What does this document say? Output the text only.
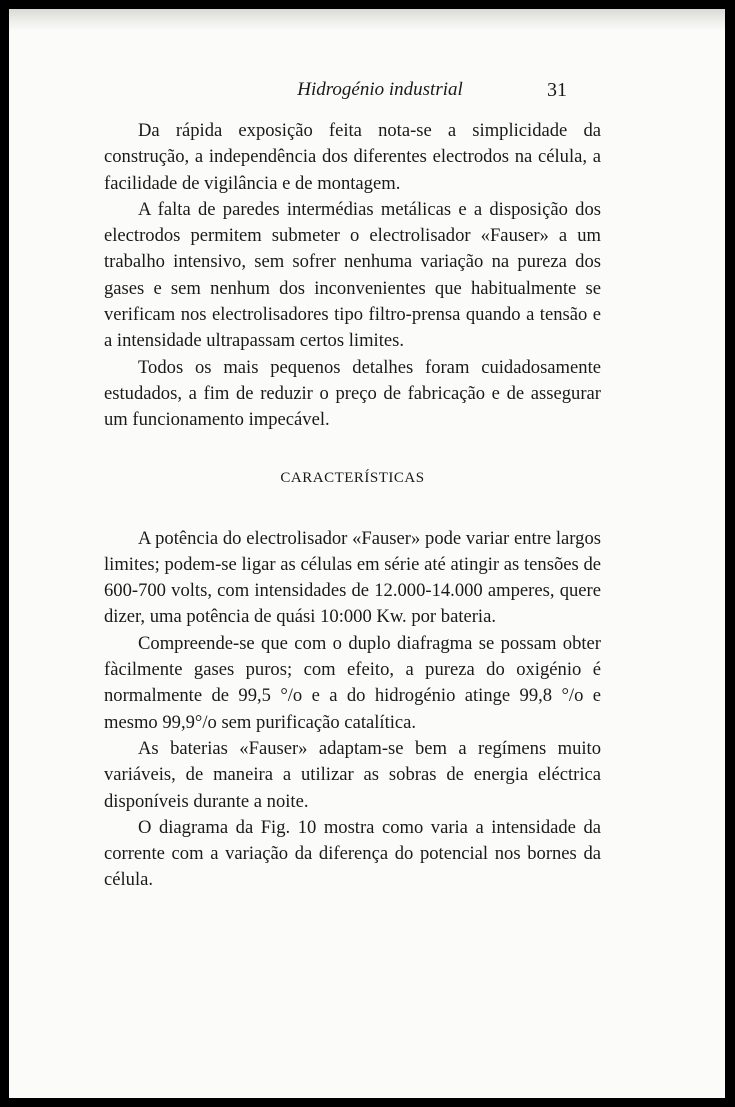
Hidrogénio industrial	31

Da rápida exposição feita nota-se a simplicidade da construção, a independência dos diferentes electrodos na célula, a facilidade de vigilância e de montagem.

A falta de paredes intermédias metálicas e a disposição dos electrodos permitem submeter o electrolisador «Fauser» a um trabalho intensivo, sem sofrer nenhuma variação na pureza dos gases e sem nenhum dos inconvenientes que habitualmente se verificam nos electrolisadores tipo filtro-prensa quando a tensão e a intensidade ultrapassam certos limites.

Todos os mais pequenos detalhes foram cuidadosamente estudados, a fim de reduzir o preço de fabricação e de assegurar um funcionamento impecável.

CARACTERÍSTICAS

A potência do electrolisador «Fauser» pode variar entre largos limites; podem-se ligar as células em série até atingir as tensões de 600-700 volts, com intensidades de 12.000-14.000 amperes, quere dizer, uma potência de quási 10:000 Kw. por bateria.

Compreende-se que com o duplo diafragma se possam obter fàcilmente gases puros; com efeito, a pureza do oxigénio é normalmente de 99,5 °/o e a do hidrogénio atinge 99,8 °/o e mesmo 99,9°/o sem purificação catalítica.

As baterias «Fauser» adaptam-se bem a regímens muito variáveis, de maneira a utilizar as sobras de energia eléctrica disponíveis durante a noite.

O diagrama da Fig. 10 mostra como varia a intensidade da corrente com a variação da diferença do potencial nos bornes da célula.
